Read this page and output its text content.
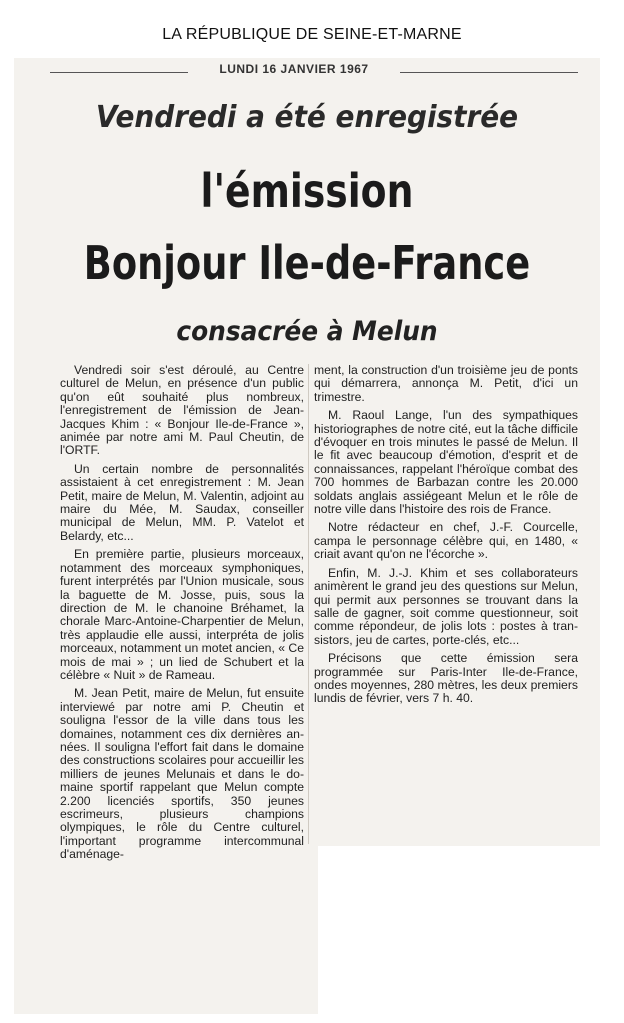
LA RÉPUBLIQUE DE SEINE-ET-MARNE
LUNDI 16 JANVIER 1967
Vendredi a été enregistrée
l'émission
Bonjour Ile-de-France
consacrée à Melun

Vendredi soir s'est déroulé, au Centre culturel de Melun, en présence d'un public qu'on eût souhaité plus nombreux, l'enregistrement de l'émission de Jean-Jacques Khim : « Bonjour Ile-de-France », animée par notre ami M. Paul Cheutin, de l'ORTF.

Un certain nombre de personnalités assistaient à cet enregistrement : M. Jean Petit, maire de Melun, M. Valentin, adjoint au maire du Mée, M. Saudax, conseiller municipal de Melun, MM. P. Vatelot et Belardy, etc...

En première partie, plusieurs morceaux, notamment des morceaux symphoniques, furent interprétés par l'Union musicale, sous la baguette de M. Josse, puis, sous la direction de M. le chanoine Bréhamet, la chorale Marc-Antoine-Charpentier de Melun, très applaudie elle aussi, interpréta de jolis morceaux, notamment un motet ancien, « Ce mois de mai » ; un lied de Schubert et la célèbre « Nuit » de Rameau.

M. Jean Petit, maire de Melun, fut ensuite interviewé par notre ami P. Cheutin et souligna l'essor de la ville dans tous les domaines, notamment ces dix dernières années. Il souligna l'effort fait dans le domaine des constructions scolaires pour accueillir les milliers de jeunes Melunais et dans le domaine sportif rappelant que Melun compte 2.200 licenciés sportifs, 350 jeunes escrimeurs, plusieurs champions olympiques, le rôle du Centre culturel, l'important programme intercommunal d'aménage-

ment, la construction d'un troisième jeu de ponts qui démarrera, annonça M. Petit, d'ici un trimestre.

M. Raoul Lange, l'un des sympathiques historiographes de notre cité, eut la tâche difficile d'évoquer en trois minutes le passé de Melun. Il le fit avec beaucoup d'émotion, d'esprit et de connaissances, rappelant l'héroïque combat des 700 hommes de Barbazan contre les 20.000 soldats anglais assiégeant Melun et le rôle de notre ville dans l'histoire des rois de France.

Notre rédacteur en chef, J.-F. Courcelle, campa le personnage célèbre qui, en 1480, « criait avant qu'on ne l'écorche ».

Enfin, M. J.-J. Khim et ses collaborateurs animèrent le grand jeu des questions sur Melun, qui permit aux personnes se trouvant dans la salle de gagner, soit comme questionneur, soit comme répondeur, de jolis lots : postes à transistors, jeu de cartes, porte-clés, etc...

Précisons que cette émission sera programmée sur Paris-Inter Ile-de-France, ondes moyennes, 280 mètres, les deux premiers lundis de février, vers 7 h. 40.
